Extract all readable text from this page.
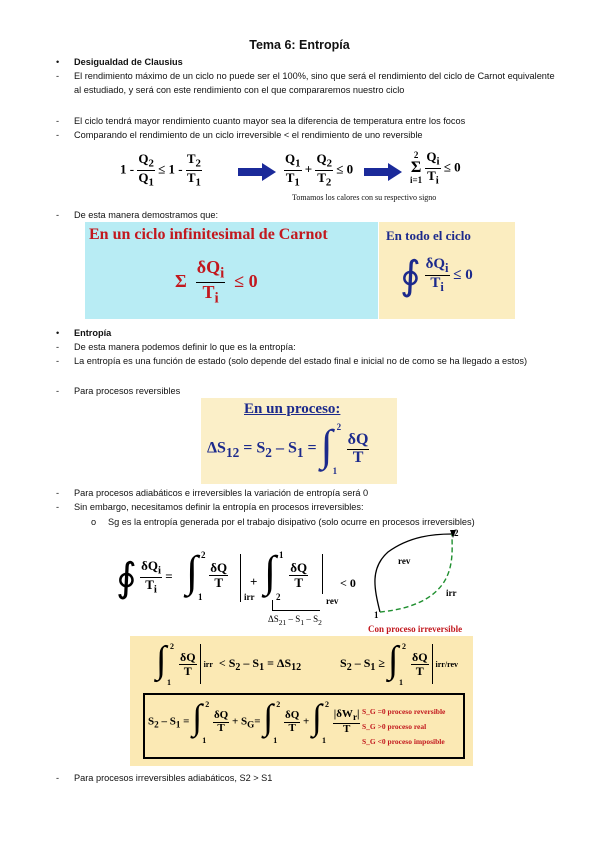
Tema 6: Entropía
• Desigualdad de Clausius
- El rendimiento máximo de un ciclo no puede ser el 100%, sino que será el rendimiento del ciclo de Carnot equivalente al estudiado, y será con este rendimiento con el que compararemos nuestro ciclo
- El ciclo tendrá mayor rendimiento cuanto mayor sea la diferencia de temperatura entre los focos
- Comparando el rendimiento de un ciclo irreversible < el rendimiento de uno reversible
$1 - \frac{Q_2}{Q_1} \le 1 - \frac{T_2}{T_1}$	$\frac{Q_1}{T_1} + \frac{Q_2}{T_2} \le 0$
2
Σ
$i=1 \frac{Q_i}{T_i} \le 0$
Tomamos los calores con su respectivo signo
- De esta manera demostramos que:
En un ciclo infinitesimal de Carnot
Σ $\frac{\delta Q_i}{T_i} \le 0$
En todo el ciclo
∮ $\frac{\delta Q_i}{T_i} \le 0$
• Entropía
- De esta manera podemos definir lo que es la entropía:
- La entropía es una función de estado (solo depende del estado final e inicial no de como se ha llegado a estos)
- Para procesos reversibles
En un proceso:
$\Delta S_{12} = S_2 - S_1$ = ∫ 2
1

$\frac{\delta Q}{T}$
- Para procesos adiabáticos e irreversibles la variación de entropía será 0
- Sin embargo, necesitamos definir la entropía en procesos irreversibles:
o Sg es la entropía generada por el trabajo disipativo (solo ocurre en procesos irreversibles)
∮ $\frac{\delta Q_i}{T_i}$ = ∫ 2
1

$\frac{\delta Q}{T}$
irr
+ ∫ 1
2

$\frac{\delta Q}{T}$
rev
< 0
$\Delta S_{21} - S_1 - S_2$
2
1
rev
irr
Con proceso irreversible
∫ 2
1

$\frac{\delta Q}{T}$ irr  < $S_2 - S_1 = \Delta S_{12}$	$S_2 - S_1$ ≥ ∫ 2
1

$\frac{\delta Q}{T} irr/rev$
$S_2 - S_1$ = ∫ 2
1

$\frac{\delta Q}{T} + S_G=$ ∫ 2
1

$\frac{\delta Q}{T}$ + ∫ 2
1

$\frac{|\delta W_r|}{T}$ S_G =0 proceso reversible
S_G >0 proceso real
S_G <0 proceso imposible
- Para procesos irreversibles adiabáticos, S2 > S1
